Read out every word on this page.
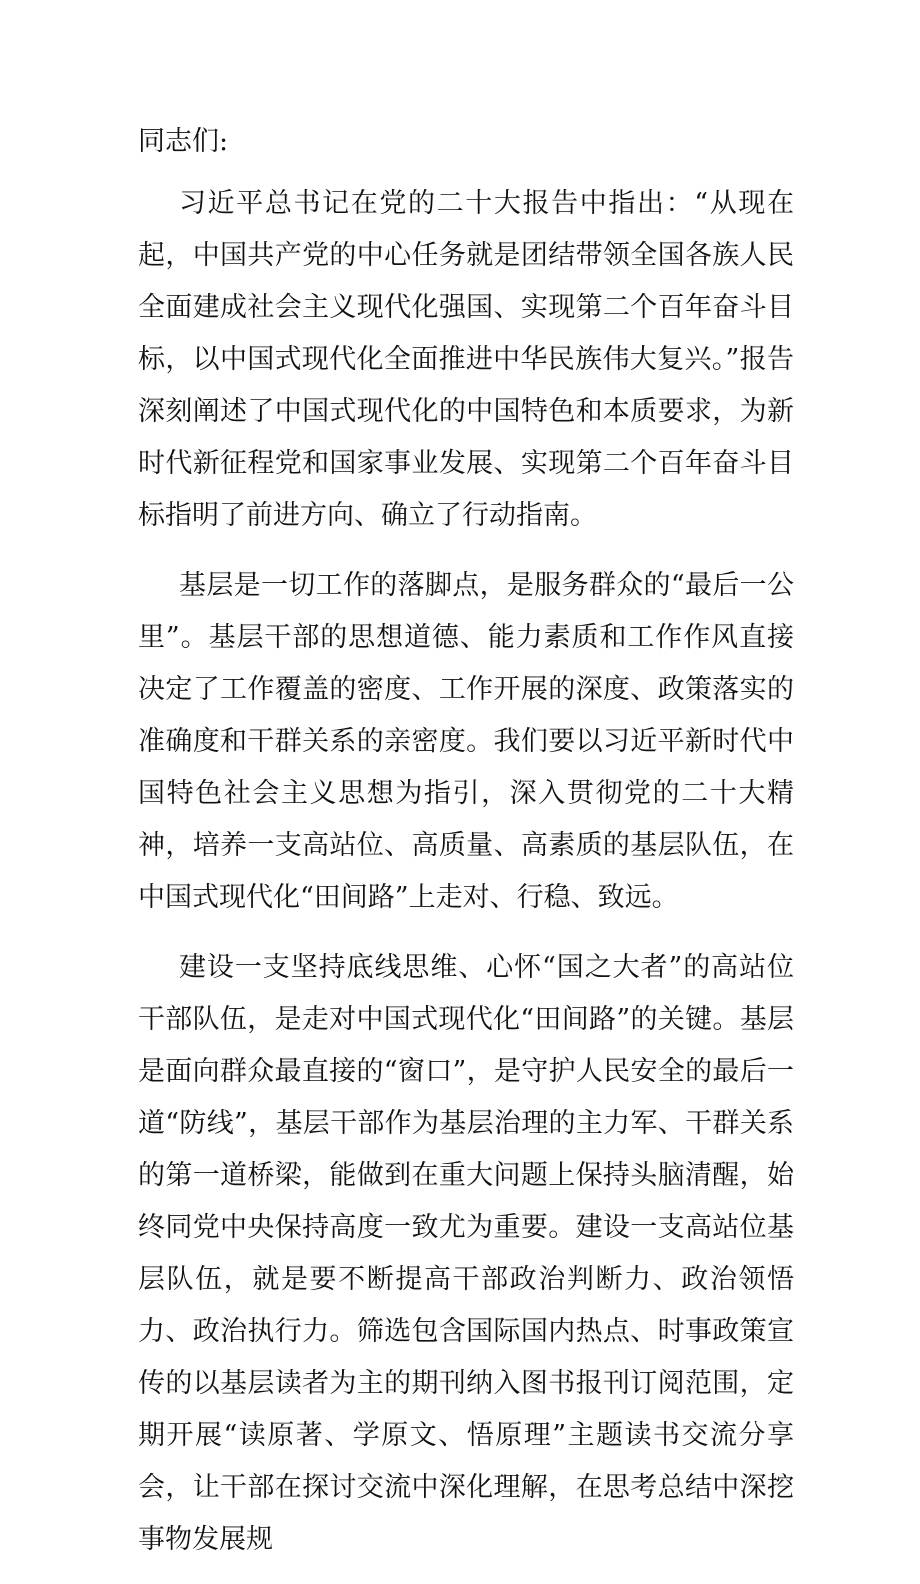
同志们:

习近平总书记在党的二十大报告中指出：“从现在起，中国共产党的中心任务就是团结带领全国各族人民全面建成社会主义现代化强国、实现第二个百年奋斗目标，以中国式现代化全面推进中华民族伟大复兴。”报告深刻阐述了中国式现代化的中国特色和本质要求，为新时代新征程党和国家事业发展、实现第二个百年奋斗目标指明了前进方向、确立了行动指南。

基层是一切工作的落脚点，是服务群众的“最后一公里”。基层干部的思想道德、能力素质和工作作风直接决定了工作覆盖的密度、工作开展的深度、政策落实的准确度和干群关系的亲密度。我们要以习近平新时代中国特色社会主义思想为指引，深入贯彻党的二十大精神，培养一支高站位、高质量、高素质的基层队伍，在中国式现代化“田间路”上走对、行稳、致远。

建设一支坚持底线思维、心怀“国之大者”的高站位干部队伍，是走对中国式现代化“田间路”的关键。基层是面向群众最直接的“窗口”，是守护人民安全的最后一道“防线”，基层干部作为基层治理的主力军、干群关系的第一道桥梁，能做到在重大问题上保持头脑清醒，始终同党中央保持高度一致尤为重要。建设一支高站位基层队伍，就是要不断提高干部政治判断力、政治领悟力、政治执行力。筛选包含国际国内热点、时事政策宣传的以基层读者为主的期刊纳入图书报刊订阅范围，定期开展“读原著、学原文、悟原理”主题读书交流分享会，让干部在探讨交流中深化理解，在思考总结中深挖事物发展规
